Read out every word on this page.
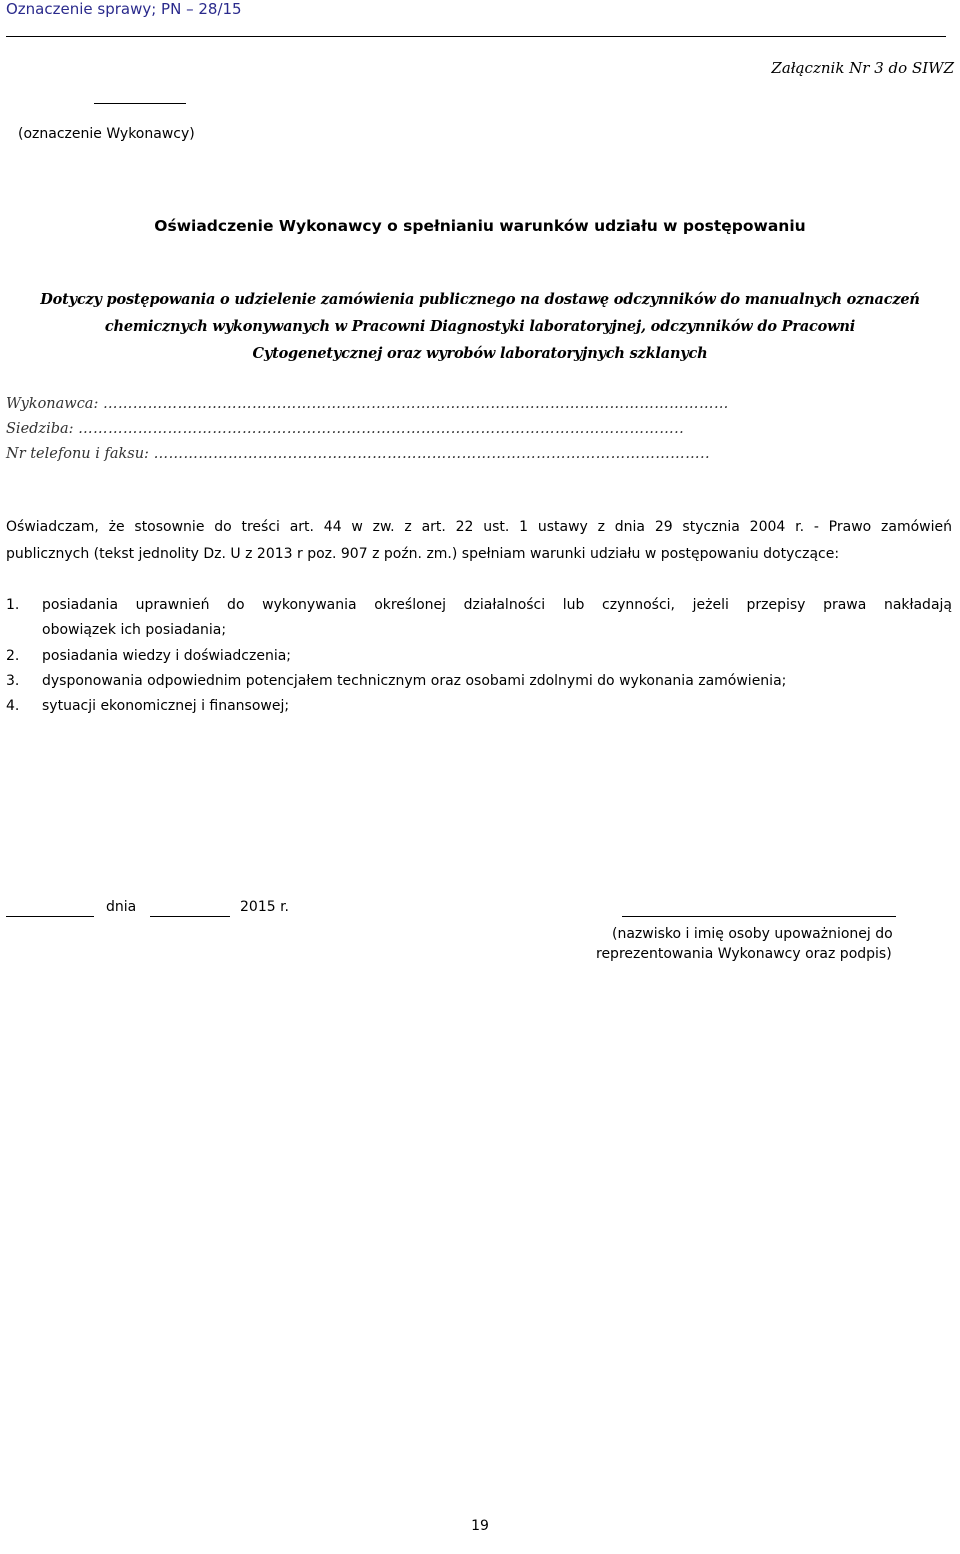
Oznaczenie sprawy; PN – 28/15
Załącznik Nr 3 do SIWZ
(oznaczenie Wykonawcy)
Oświadczenie Wykonawcy o spełnianiu warunków udziału w postępowaniu
Dotyczy postępowania o udzielenie zamówienia publicznego na dostawę odczynników do manualnych oznaczeń
chemicznych wykonywanych w Pracowni Diagnostyki laboratoryjnej, odczynników do Pracowni
Cytogenetycznej oraz wyrobów laboratoryjnych szklanych
Wykonawca: ………………………………………………………………………………………………………………
Siedziba: …………………………………………………………………………………………………………..
Nr telefonu i faksu: ………………………..………………………………………………………………………..
Oświadczam, że stosownie do treści art. 44 w zw. z art. 22 ust. 1 ustawy z dnia 29 stycznia 2004 r. - Prawo zamówień
publicznych (tekst jednolity Dz. U z 2013 r poz. 907 z poźn. zm.) spełniam warunki udziału w postępowaniu dotyczące:
1. posiadania uprawnień do wykonywania określonej działalności lub czynności, jeżeli przepisy prawa nakładają
obowiązek ich posiadania;
2. posiadania wiedzy i doświadczenia;
3. dysponowania odpowiednim potencjałem technicznym oraz osobami zdolnymi do wykonania zamówienia;
4. sytuacji ekonomicznej i finansowej;
dnia	2015 r.
(nazwisko i imię osoby upoważnionej do
reprezentowania Wykonawcy oraz podpis)
19
